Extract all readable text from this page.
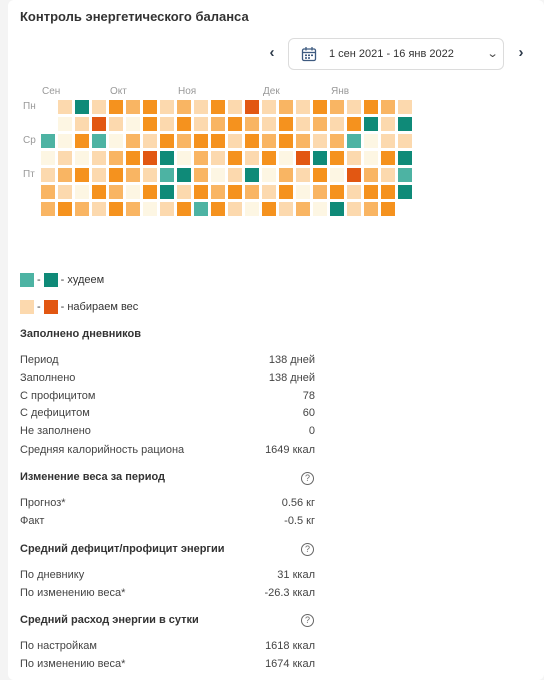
Контроль энергетического баланса
‹	1 сен 2021 - 16 янв 2022	⌄ ›
Сен	Окт	Ноя	Дек	Янв
Пн
Ср
Пт
- - худеем
- - набираем вес
Заполнено дневников
Период	138 дней
Заполнено	138 дней
С профицитом	78
С дефицитом	60
Не заполнено	0
Средняя калорийность рациона	1649 ккал
Изменение веса за период	?
Прогноз*	0.56 кг
Факт	-0.5 кг
Средний дефицит/профицит энергии	?
По дневнику	31 ккал
По изменению веса*	-26.3 ккал
Средний расход энергии в сутки	?
По настройкам	1618 ккал
По изменению веса*	1674 ккал
